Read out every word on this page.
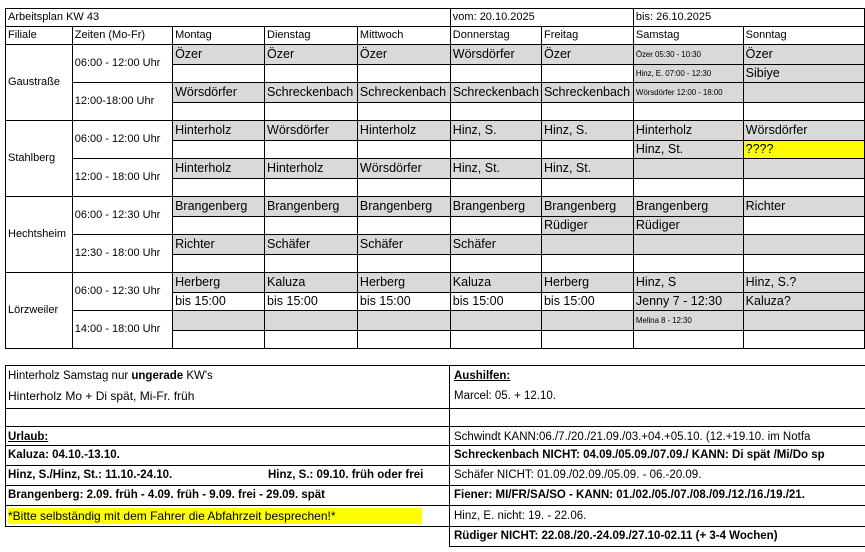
Arbeitsplan KW 43					vom: 20.10.2025		bis: 26.10.2025	
Filiale	Zeiten (Mo-Fr)	Montag	Dienstag	Mittwoch	Donnerstag	Freitag	Samstag	Sonntag
Gaustraße	06:00 - 12:00 Uhr	Özer	Özer	Özer	Wörsdörfer	Özer	Özer 05:30 - 10:30	Özer
							Hinz, E. 07:00 - 12:30	Sibiye
	12:00-18:00 Uhr	Wörsdörfer	Schreckenbach	Schreckenbach	Schreckenbach	Schreckenbach	Wörsdörfer 12:00 - 18:00	

Stahlberg	06:00 - 12:00 Uhr	Hinterholz	Wörsdörfer	Hinterholz	Hinz, S.	Hinz, S.	Hinterholz	Wörsdörfer
							Hinz, St.	????
	12:00 - 18:00 Uhr	Hinterholz	Hinterholz	Wörsdörfer	Hinz, St.	Hinz, St.		

Hechtsheim	06:00 - 12:30 Uhr	Brangenberg	Brangenberg	Brangenberg	Brangenberg	Brangenberg	Brangenberg	Richter
						Rüdiger	Rüdiger	
	12:30 - 18:00 Uhr	Richter	Schäfer	Schäfer	Schäfer			

Lörzweiler	06:00 - 12:30 Uhr	Herberg	Kaluza	Herberg	Kaluza	Herberg	Hinz, S	Hinz, S.?
		bis 15:00	bis 15:00	bis 15:00	bis 15:00	bis 15:00	Jenny 7 - 12:30	Kaluza?
	14:00 - 18:00 Uhr						Melina 8 - 12:30	

Hinterholz Samstag nur ungerade KW's
Hinterholz Mo + Di spät, Mi-Fr. früh
Aushilfen:
Marcel: 05. + 12.10.
Urlaub:
Kaluza: 04.10.-13.10.
Hinz, S./Hinz, St.: 11.10.-24.10.	Hinz, S.: 09.10. früh oder frei
Brangenberg: 2.09. früh - 4.09. früh - 9.09. frei - 29.09. spät
*Bitte selbständig mit dem Fahrer die Abfahrzeit besprechen!*
Schwindt KANN:06./7./20./21.09./03.+04.+05.10. (12.+19.10. im Notfa
Schreckenbach NICHT: 04.09./05.09./07.09./ KANN: Di spät /Mi/Do sp
Schäfer NICHT: 01.09./02.09./05.09. - 06.-20.09.
Fiener: MI/FR/SA/SO - KANN: 01./02./05./07./08./09./12./16./19./21.
Hinz, E. nicht: 19. - 22.06.
Rüdiger NICHT: 22.08./20.-24.09./27.10-02.11 (+ 3-4 Wochen)
